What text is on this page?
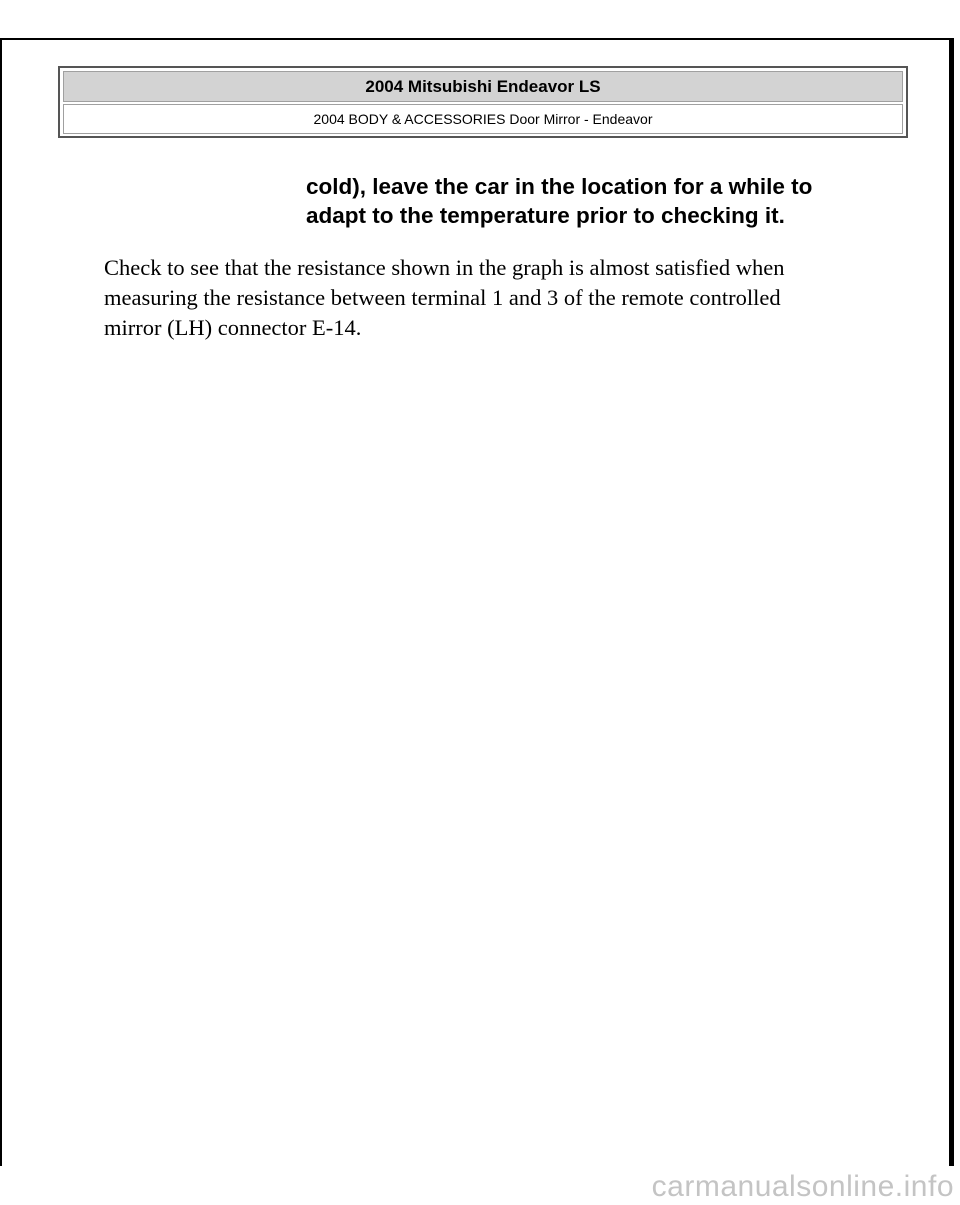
2004 Mitsubishi Endeavor LS
2004 BODY & ACCESSORIES Door Mirror - Endeavor

cold), leave the car in the location for a while to
adapt to the temperature prior to checking it.

Check to see that the resistance shown in the graph is almost satisfied when
measuring the resistance between terminal 1 and 3 of the remote controlled
mirror (LH) connector E-14.

carmanualsonline.info
